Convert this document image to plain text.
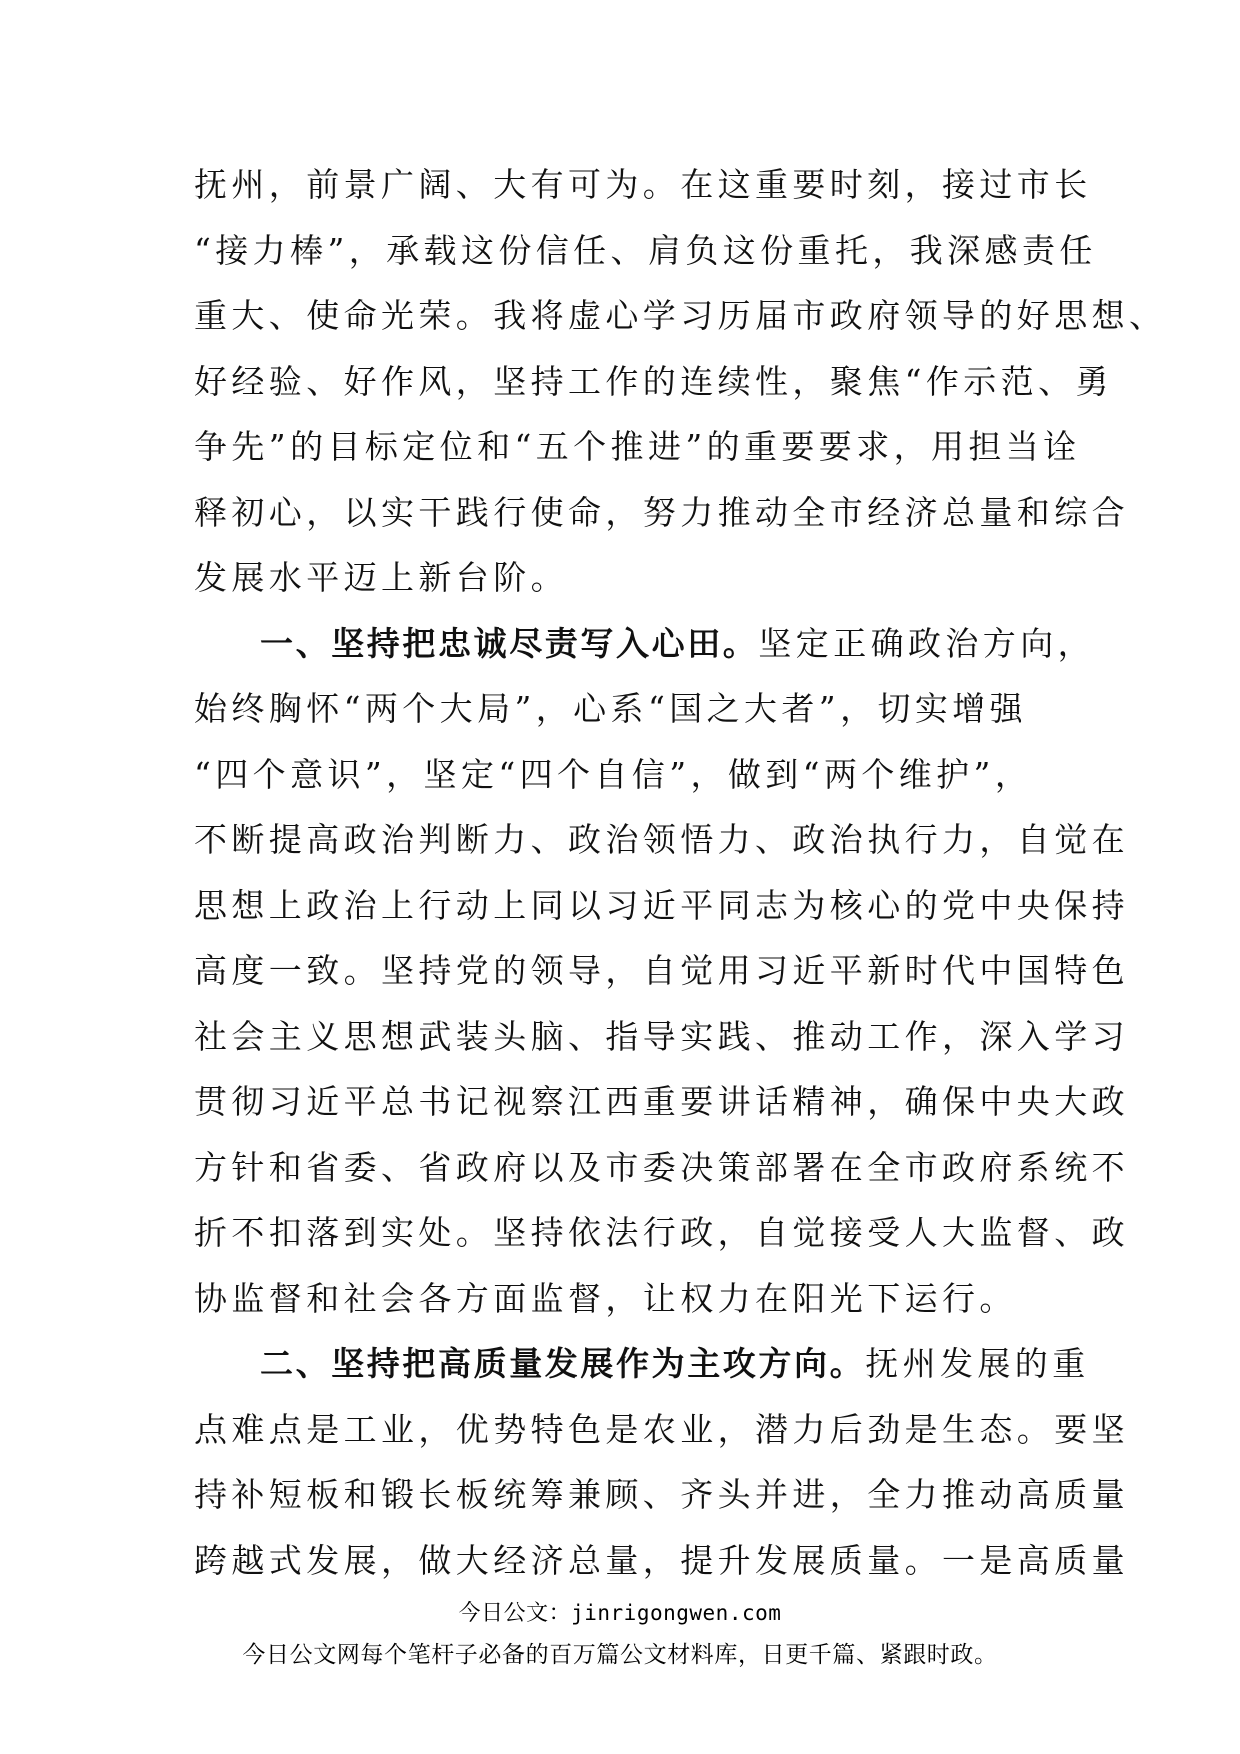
抚州，前景广阔、大有可为。在这重要时刻，接过市长
“接力棒”，承载这份信任、肩负这份重托，我深感责任
重大、使命光荣。我将虚心学习历届市政府领导的好思想、
好经验、好作风，坚持工作的连续性，聚焦“作示范、勇
争先”的目标定位和“五个推进”的重要要求，用担当诠
释初心，以实干践行使命，努力推动全市经济总量和综合
发展水平迈上新台阶。
一、坚持把忠诚尽责写入心田。坚定正确政治方向，
始终胸怀“两个大局”，心系“国之大者”，切实增强
“四个意识”，坚定“四个自信”，做到“两个维护”，
不断提高政治判断力、政治领悟力、政治执行力，自觉在
思想上政治上行动上同以习近平同志为核心的党中央保持
高度一致。坚持党的领导，自觉用习近平新时代中国特色
社会主义思想武装头脑、指导实践、推动工作，深入学习
贯彻习近平总书记视察江西重要讲话精神，确保中央大政
方针和省委、省政府以及市委决策部署在全市政府系统不
折不扣落到实处。坚持依法行政，自觉接受人大监督、政
协监督和社会各方面监督，让权力在阳光下运行。
二、坚持把高质量发展作为主攻方向。抚州发展的重
点难点是工业，优势特色是农业，潜力后劲是生态。要坚
持补短板和锻长板统筹兼顾、齐头并进，全力推动高质量
跨越式发展，做大经济总量，提升发展质量。一是高质量
今日公文：jinrigongwen.com
今日公文网每个笔杆子必备的百万篇公文材料库，日更千篇、紧跟时政。
